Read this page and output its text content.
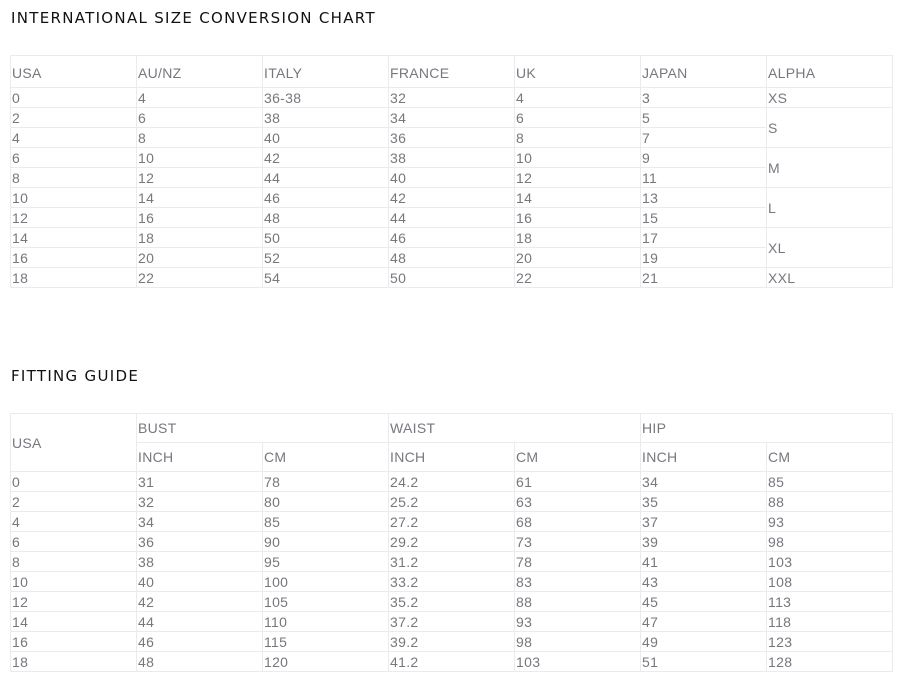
INTERNATIONAL SIZE CONVERSION CHART
USA	AU/NZ	ITALY	FRANCE	UK	JAPAN	ALPHA
0	4	36-38	32	4	3	XS
2	6	38	34	6	5	S
4	8	40	36	8	7	
6	10	42	38	10	9	M
8	12	44	40	12	11	
10	14	46	42	14	13	L
12	16	48	44	16	15	
14	18	50	46	18	17	XL
16	20	52	48	20	19	
18	22	54	50	22	21	XXL
FITTING GUIDE
USA	BUST		WAIST		HIP	
	INCH	CM	INCH	CM	INCH	CM
0	31	78	24.2	61	34	85
2	32	80	25.2	63	35	88
4	34	85	27.2	68	37	93
6	36	90	29.2	73	39	98
8	38	95	31.2	78	41	103
10	40	100	33.2	83	43	108
12	42	105	35.2	88	45	113
14	44	110	37.2	93	47	118
16	46	115	39.2	98	49	123
18	48	120	41.2	103	51	128
